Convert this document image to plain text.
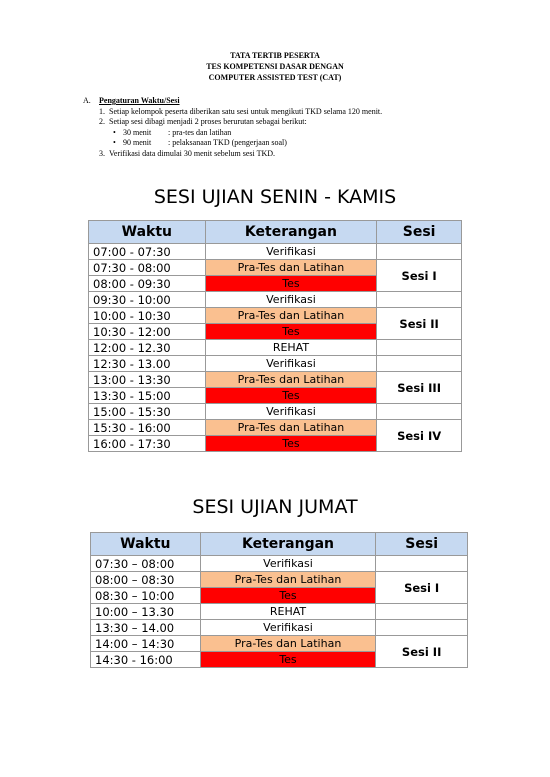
TATA TERTIB PESERTA
TES KOMPETENSI DASAR DENGAN
COMPUTER ASSISTED TEST (CAT)
A. Pengaturan Waktu/Sesi
1. Setiap kelompok peserta diberikan satu sesi untuk mengikuti TKD selama 120 menit.
2. Setiap sesi dibagi menjadi 2 proses berurutan sebagai berikut:
• 30 menit : pra-tes dan latihan
• 90 menit : pelaksanaan TKD (pengerjaan soal)
3. Verifikasi data dimulai 30 menit sebelum sesi TKD.
SESI UJIAN SENIN - KAMIS
Waktu	Keterangan	Sesi
07:00 - 07:30	Verifikasi	
07:30 - 08:00	Pra-Tes dan Latihan	Sesi I
08:00 - 09:30	Tes	
09:30 - 10:00	Verifikasi	
10:00 - 10:30	Pra-Tes dan Latihan	Sesi II
10:30 - 12:00	Tes	
12:00 - 12.30	REHAT	
12:30 - 13.00	Verifikasi	
13:00 - 13:30	Pra-Tes dan Latihan	Sesi III
13:30 - 15:00	Tes	
15:00 - 15:30	Verifikasi	
15:30 - 16:00	Pra-Tes dan Latihan	Sesi IV
16:00 - 17:30	Tes	
SESI UJIAN JUMAT
Waktu	Keterangan	Sesi
07:30 – 08:00	Verifikasi	
08:00 – 08:30	Pra-Tes dan Latihan	Sesi I
08:30 – 10:00	Tes	
10:00 – 13.30	REHAT	
13:30 – 14.00	Verifikasi	
14:00 – 14:30	Pra-Tes dan Latihan	Sesi II
14:30 - 16:00	Tes	
